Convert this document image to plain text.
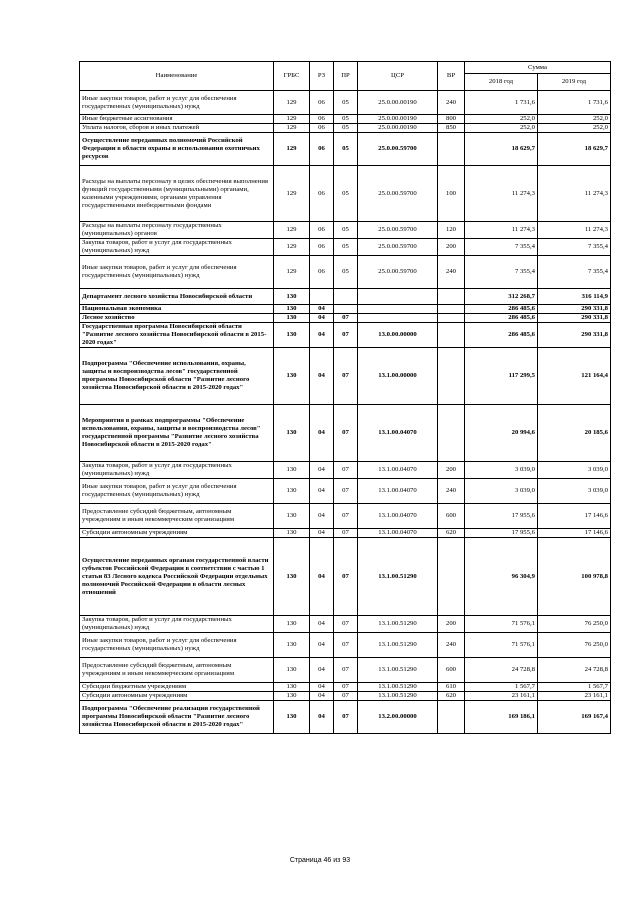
Наименование	ГРБС	РЗ	ПР	ЦСР	ВР	Сумма	
						2018 год	2019 год
Иные закупки товаров, работ и услуг для обеспечения государственных (муниципальных) нужд	129	06	05	25.0.00.00190	240	1 731,6	1 731,6
Иные бюджетные ассигнования	129	06	05	25.0.00.00190	800	252,0	252,0
Уплата налогов, сборов и иных платежей	129	06	05	25.0.00.00190	850	252,0	252,0
Осуществление переданных полномочий Российской Федерации в области охраны и использования охотничьих ресурсов	129	06	05	25.0.00.59700		18 629,7	18 629,7
Расходы на выплаты персоналу в целях обеспечения выполнения функций государственными (муниципальными) органами, казенными учреждениями, органами управления государственными внебюджетными фондами	129	06	05	25.0.00.59700	100	11 274,3	11 274,3
Расходы на выплаты персоналу государственных (муниципальных) органов	129	06	05	25.0.00.59700	120	11 274,3	11 274,3
Закупка товаров, работ и услуг для государственных (муниципальных) нужд	129	06	05	25.0.00.59700	200	7 355,4	7 355,4
Иные закупки товаров, работ и услуг для обеспечения государственных (муниципальных) нужд	129	06	05	25.0.00.59700	240	7 355,4	7 355,4
Департамент лесного хозяйства Новосибирской области	130					312 268,7	316 114,9
Национальная экономика	130	04				286 485,6	290 331,8
Лесное хозяйство	130	04	07			286 485,6	290 331,8
Государственная программа Новосибирской области "Развитие лесного хозяйства Новосибирской области в 2015-2020 годах"	130	04	07	13.0.00.00000		286 485,6	290 331,8
Подпрограмма "Обеспечение использования, охраны, защиты и воспроизводства лесов" государственной программы Новосибирской области "Развитие лесного хозяйства Новосибирской области в 2015-2020 годах"	130	04	07	13.1.00.00000		117 299,5	121 164,4
Мероприятия в рамках подпрограммы "Обеспечение использования, охраны, защиты и воспроизводства лесов" государственной программы "Развитие лесного хозяйства Новосибирской области в 2015-2020 годах"	130	04	07	13.1.00.04070		20 994,6	20 185,6
Закупка товаров, работ и услуг для государственных (муниципальных) нужд	130	04	07	13.1.00.04070	200	3 039,0	3 039,0
Иные закупки товаров, работ и услуг для обеспечения государственных (муниципальных) нужд	130	04	07	13.1.00.04070	240	3 039,0	3 039,0
Предоставление субсидий бюджетным, автономным учреждениям и иным некоммерческим организациям	130	04	07	13.1.00.04070	600	17 955,6	17 146,6
Субсидии автономным учреждениям	130	04	07	13.1.00.04070	620	17 955,6	17 146,6
Осуществление переданных органам государственной власти субъектов Российской Федерации в соответствии с частью 1 статьи 83 Лесного кодекса Российской Федерации отдельных полномочий Российской Федерации в области лесных отношений	130	04	07	13.1.00.51290		96 304,9	100 978,8
Закупка товаров, работ и услуг для государственных (муниципальных) нужд	130	04	07	13.1.00.51290	200	71 576,1	76 250,0
Иные закупки товаров, работ и услуг для обеспечения государственных (муниципальных) нужд	130	04	07	13.1.00.51290	240	71 576,1	76 250,0
Предоставление субсидий бюджетным, автономным учреждениям и иным некоммерческим организациям	130	04	07	13.1.00.51290	600	24 728,8	24 728,8
Субсидии бюджетным учреждениям	130	04	07	13.1.00.51290	610	1 567,7	1 567,7
Субсидии автономным учреждениям	130	04	07	13.1.00.51290	620	23 161,1	23 161,1
Подпрограмма "Обеспечение реализации государственной программы Новосибирской области "Развитие лесного хозяйства Новосибирской области в 2015-2020 годах"	130	04	07	13.2.00.00000		169 186,1	169 167,4
Страница 46 из 93
